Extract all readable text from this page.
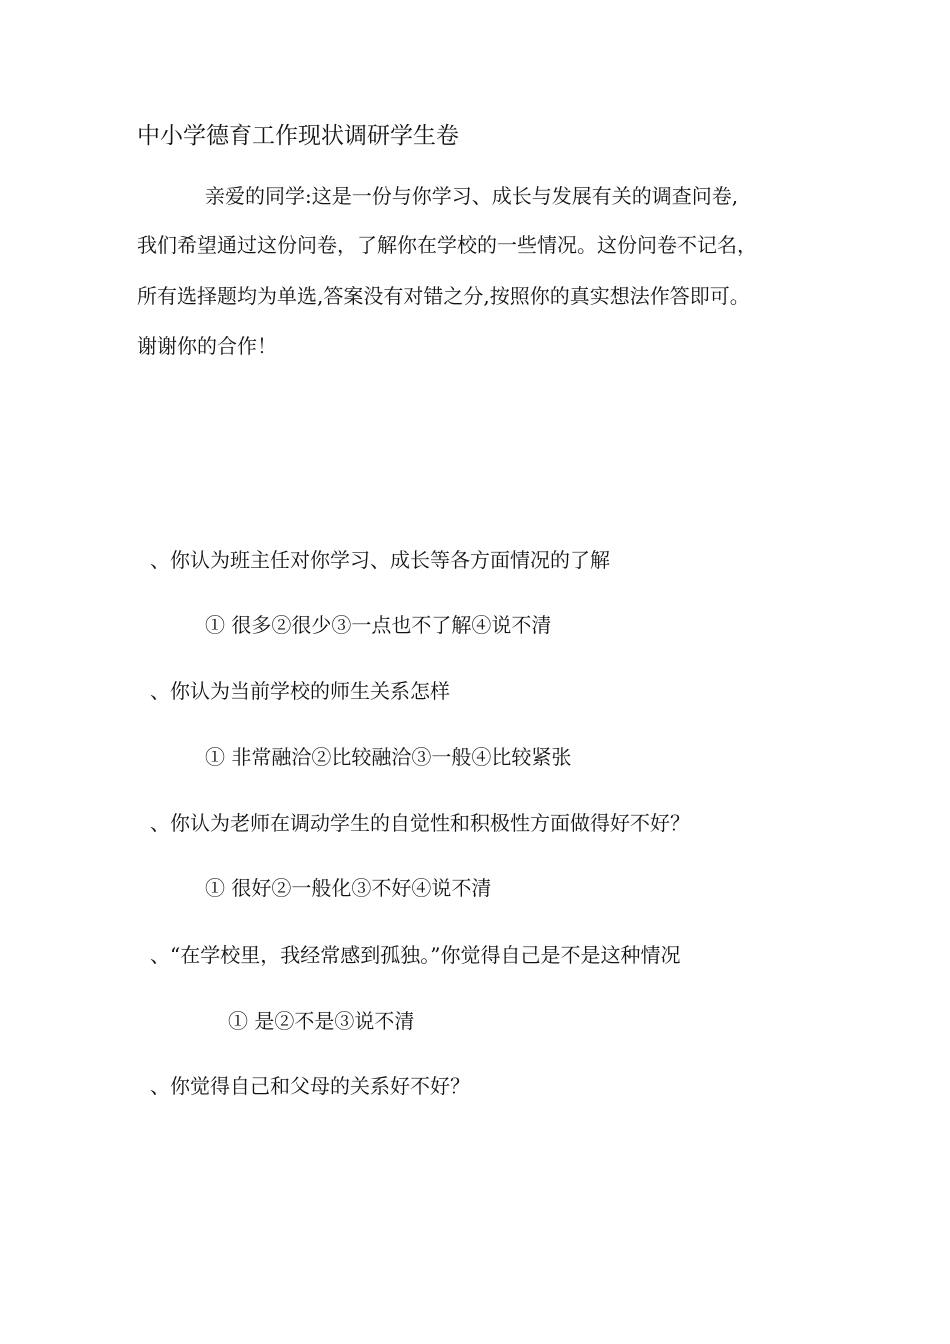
中小学德育工作现状调研学生卷
亲爱的同学:这是一份与你学习、成长与发展有关的调查问卷,
我们希望通过这份问卷，了解你在学校的一些情况。这份问卷不记名，
所有选择题均为单选,答案没有对错之分,按照你的真实想法作答即可。
谢谢你的合作！
、你认为班主任对你学习、成长等各方面情况的了解
① 很多②很少③一点也不了解④说不清
、你认为当前学校的师生关系怎样
① 非常融洽②比较融洽③一般④比较紧张
、你认为老师在调动学生的自觉性和积极性方面做得好不好？
① 很好②一般化③不好④说不清
、“在学校里，我经常感到孤独。”你觉得自己是不是这种情况
① 是②不是③说不清
、你觉得自己和父母的关系好不好？
